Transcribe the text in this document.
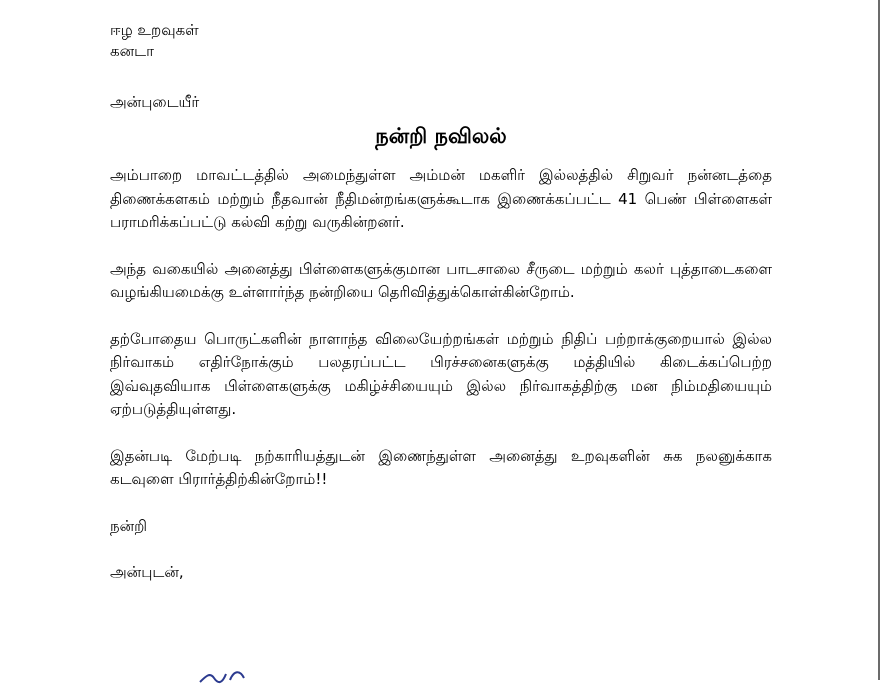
ஈழ உறவுகள்
கனடா
அன்புடையீர்
நன்றி நவிலல்

அம்பாறை மாவட்டத்தில் அமைந்துள்ள அம்மன் மகளிர் இல்லத்தில் சிறுவர் நன்னடத்தை திணைக்களகம் மற்றும் நீதவான் நீதிமன்றங்களுக்கூடாக இணைக்கப்பட்ட 41 பெண் பிள்ளைகள் பராமரிக்கப்பட்டு கல்வி கற்று வருகின்றனர்.

அந்த வகையில் அனைத்து பிள்ளைகளுக்குமான பாடசாலை சீருடை மற்றும் கலர் புத்தாடைகளை வழங்கியமைக்கு உள்ளார்ந்த நன்றியை தெரிவித்துக்கொள்கின்றோம்.

தற்போதைய பொருட்களின் நாளாந்த விலையேற்றங்கள் மற்றும் நிதிப் பற்றாக்குறையால் இல்ல நிர்வாகம் எதிர்நோக்கும் பலதரப்பட்ட பிரச்சனைகளுக்கு மத்தியில் கிடைக்கப்பெற்ற இவ்வுதவியாக பிள்ளைகளுக்கு மகிழ்ச்சியையும் இல்ல நிர்வாகத்திற்கு மன நிம்மதியையும் ஏற்படுத்தியுள்ளது.

இதன்படி மேற்படி நற்காரியத்துடன் இணைந்துள்ள அனைத்து உறவுகளின் சுக நலனுக்காக கடவுளை பிரார்த்திற்கின்றோம்!!

நன்றி
அன்புடன்,
